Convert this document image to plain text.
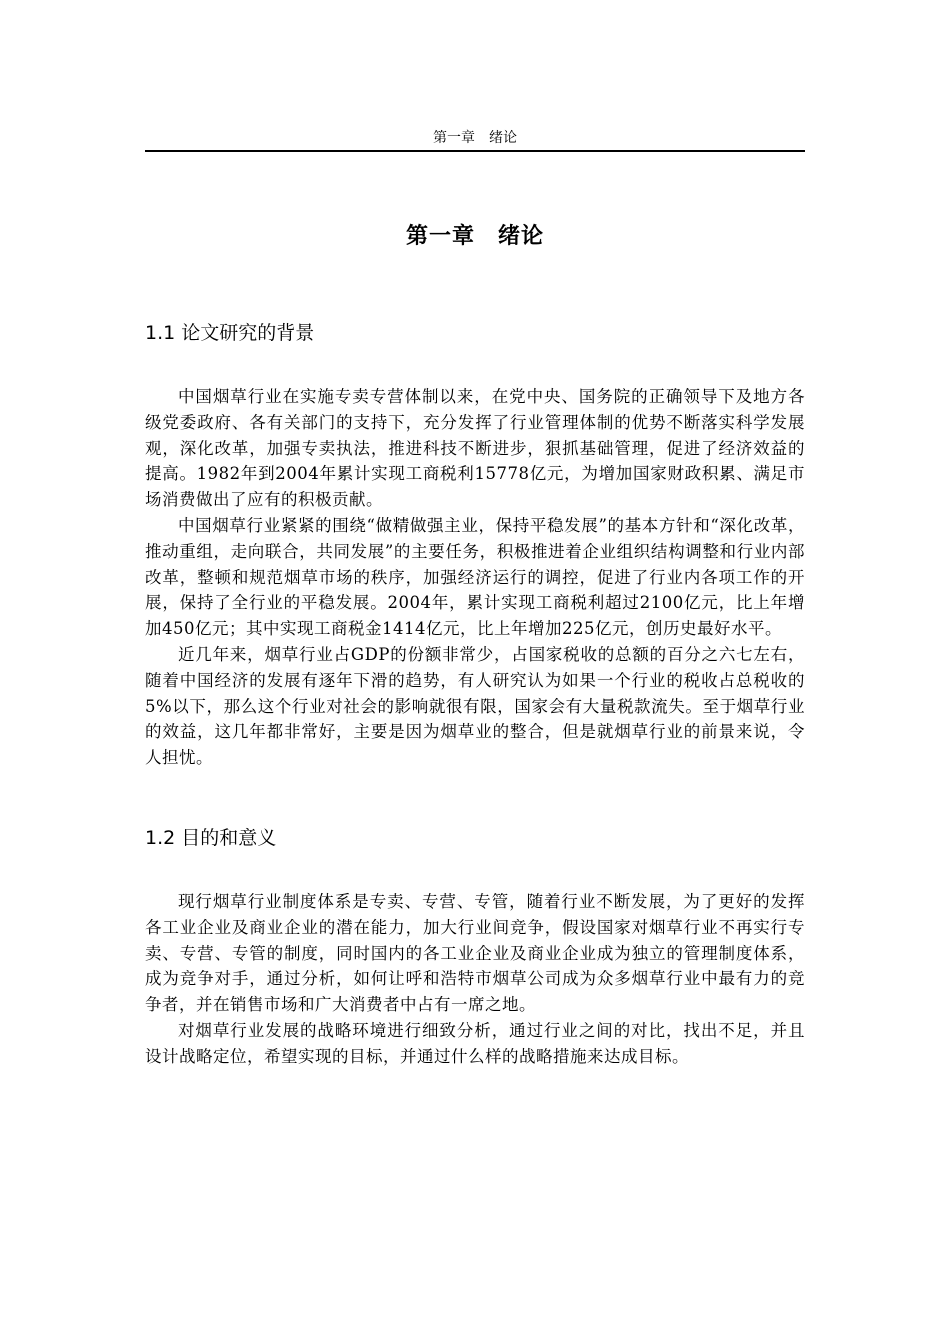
第一章　绪论
第一章　绪论
1.1 论文研究的背景

中国烟草行业在实施专卖专营体制以来，在党中央、国务院的正确领导下及地方各级党委政府、各有关部门的支持下，充分发挥了行业管理体制的优势不断落实科学发展观，深化改革，加强专卖执法，推进科技不断进步，狠抓基础管理，促进了经济效益的提高。1982年到2004年累计实现工商税利15778亿元，为增加国家财政积累、满足市场消费做出了应有的积极贡献。

中国烟草行业紧紧的围绕“做精做强主业，保持平稳发展”的基本方针和“深化改革，推动重组，走向联合，共同发展”的主要任务，积极推进着企业组织结构调整和行业内部改革，整顿和规范烟草市场的秩序，加强经济运行的调控，促进了行业内各项工作的开展，保持了全行业的平稳发展。2004年，累计实现工商税利超过2100亿元，比上年增加450亿元；其中实现工商税金1414亿元，比上年增加225亿元，创历史最好水平。

近几年来，烟草行业占GDP的份额非常少，占国家税收的总额的百分之六七左右，随着中国经济的发展有逐年下滑的趋势，有人研究认为如果一个行业的税收占总税收的5%以下，那么这个行业对社会的影响就很有限，国家会有大量税款流失。至于烟草行业的效益，这几年都非常好，主要是因为烟草业的整合，但是就烟草行业的前景来说，令人担忧。

1.2 目的和意义

现行烟草行业制度体系是专卖、专营、专管，随着行业不断发展，为了更好的发挥各工业企业及商业企业的潜在能力，加大行业间竞争，假设国家对烟草行业不再实行专卖、专营、专管的制度，同时国内的各工业企业及商业企业成为独立的管理制度体系，成为竞争对手，通过分析，如何让呼和浩特市烟草公司成为众多烟草行业中最有力的竞争者，并在销售市场和广大消费者中占有一席之地。

对烟草行业发展的战略环境进行细致分析，通过行业之间的对比，找出不足，并且设计战略定位，希望实现的目标，并通过什么样的战略措施来达成目标。
